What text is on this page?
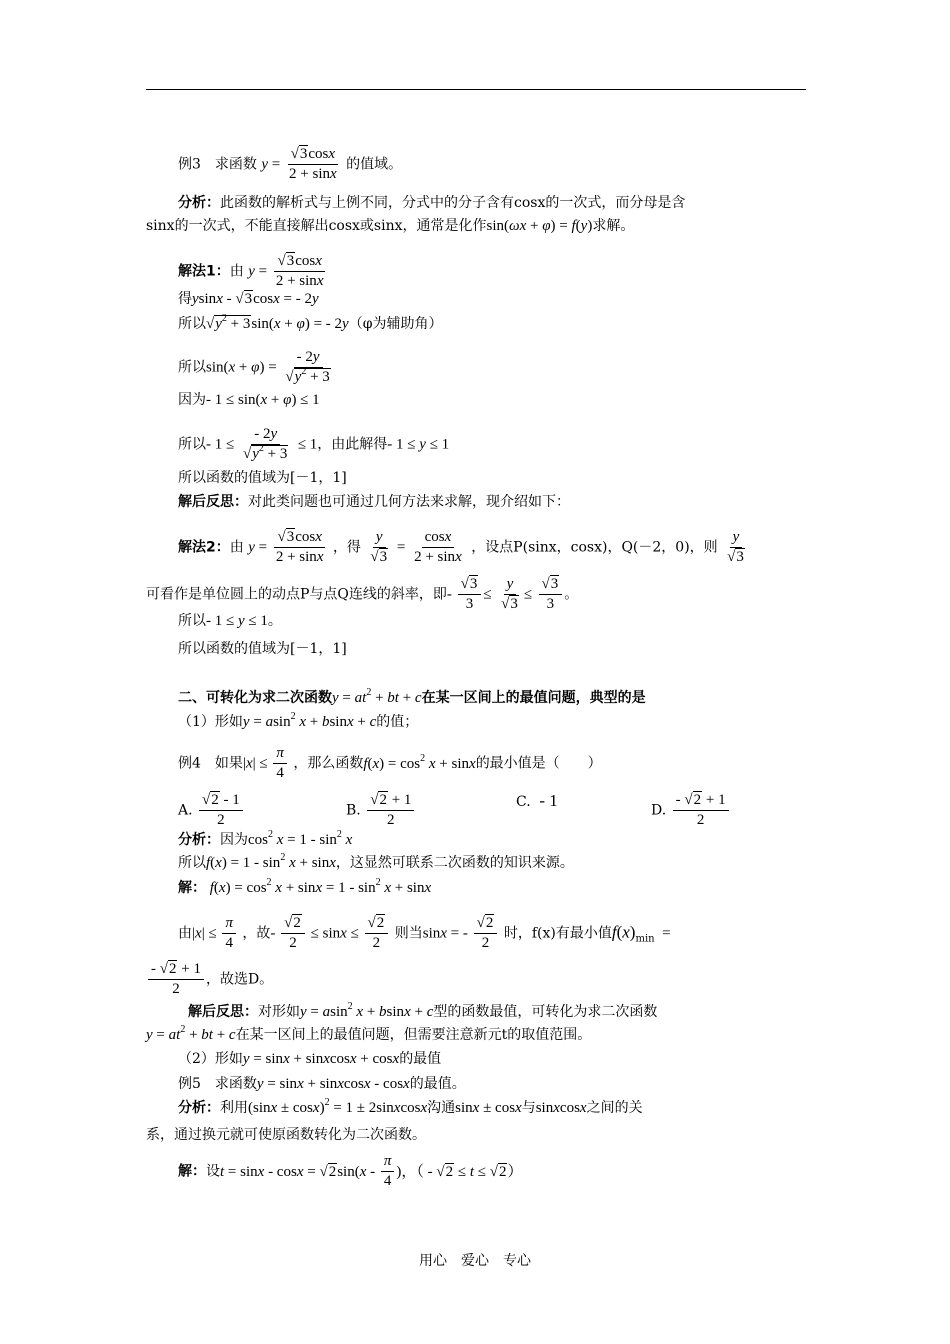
例3　求函数 $y = \frac{√3\cos x}{2 + \sin x}$ 的值域。
分析：此函数的解析式与上例不同，分式中的分子含有cosx的一次式，而分母是含
sinx的一次式，不能直接解出cosx或sinx，通常是化作sin(ωx + φ) = f(y)求解。
解法1：由 $y = \frac{√3\cos x}{2 + \sin x}$
得ysinx - √3cosx = - 2y
所以$√y^2 + 3\sin(x + \varphi)$ = - 2y（φ为辅助角）
所以$\sin(x + \varphi) = \frac{- 2y}{√y^2 + 3}$
因为- 1 ≤ sin(x + φ) ≤ 1
所以- $1 \le \frac{- 2y}{√y^2 + 3} \le 1$，由此解得- 1 ≤ y ≤ 1
所以函数的值域为[－1，1]
解后反思：对此类问题也可通过几何方法来求解，现介绍如下：
解法2：由 $y = \frac{√3\cos x}{2 + \sin x}$ ，得 $\frac{y}{√3} = \frac{\cos x}{2 + \sin x}$ ，设点P(sinx，cosx)，Q(－2，0)，则 $\frac{y}{√3}$
可看作是单位圆上的动点P与点Q连线的斜率，即- $\frac{√3}{3} \le \frac{y}{√3} \le \frac{√3}{3}$ 。
所以- 1 ≤ y ≤ 1。
所以函数的值域为[－1，1]
二、可转化为求二次函数$y = at^2$ + bt + c在某一区间上的最值问题，典型的是
（1）形如y = asin$^2$ x + bsinx + c的值；
例4　如果$|x| \le \frac{\pi}{4}$ ，那么函数$f(x) = \cos^2 x + \sin x$的最小值是（　　）
A. $\frac{√2 - 1}{2}$	B. $\frac{√2 + 1}{2}$	C.  - 1
D. $\frac{- √2 + 1}{2}$
分析：因为$\cos^2 x = 1 - \sin^2 x$
所以$f(x) = 1 - \sin^2 x + \sin x$，这显然可联系二次函数的知识来源。
解： $f(x) = \cos^2 x + \sin x = 1 - \sin^2 x + \sin x$
由$|x| \le \frac{\pi}{4}$ ，故- $\frac{√2}{2} \le \sin x \le \frac{√2}{2}$ 则当sinx = - $\frac{√2}{2}$ 时，f(x)有最小值$f(x)_{min}$  =
$\frac{- √2 + 1}{2}$ ，故选D。
解后反思：对形如y = asin$^2$ x + bsinx + c型的函数最值，可转化为求二次函数
$y = at^2$ + bt + c在某一区间上的最值问题，但需要注意新元t的取值范围。
（2）形如y = sinx + sinxcosx + cosx的最值
例5　求函数y = sinx + sinxcosx - cosx的最值。
分析：利用$(\sin x \pm \cos x)^2 = 1$ ± 2sinxcosx沟通sinx ± cosx与sinxcosx之间的关
系，通过换元就可使原函数转化为二次函数。
解：设$t = \sin x - \cos x = √2\sin(x - \frac{\pi}{4}$ )，（ - √2 ≤ t ≤ √2）
用心　爱心　专心
